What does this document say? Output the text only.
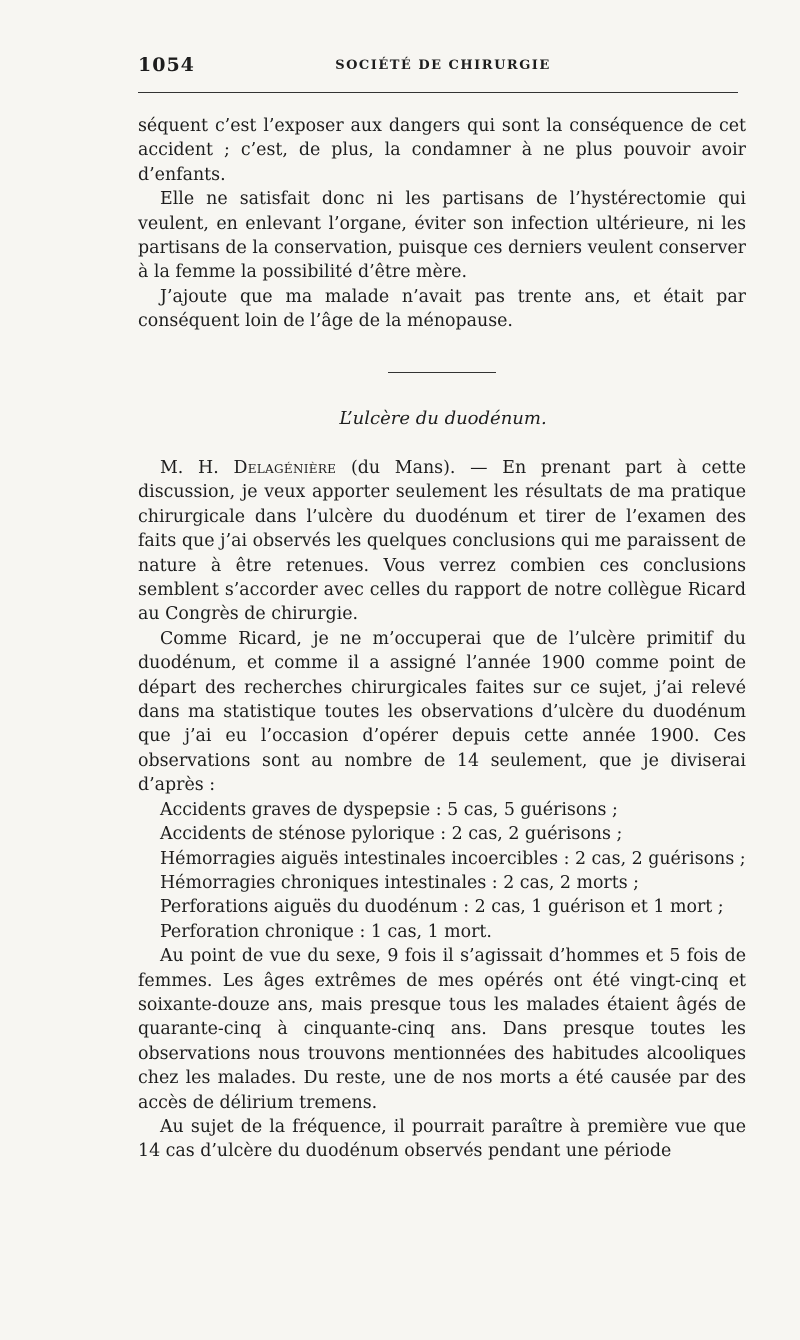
1054	SOCIÉTÉ DE CHIRURGIE

séquent c’est l’exposer aux dangers qui sont la conséquence de cet accident ; c’est, de plus, la condamner à ne plus pouvoir avoir d’enfants.

Elle ne satisfait donc ni les partisans de l’hystérectomie qui veulent, en enlevant l’organe, éviter son infection ultérieure, ni les partisans de la conservation, puisque ces derniers veulent conserver à la femme la possibilité d’être mère.

J’ajoute que ma malade n’avait pas trente ans, et était par conséquent loin de l’âge de la ménopause.

L’ulcère du duodénum.

M. H. Delagénière (du Mans). — En prenant part à cette discussion, je veux apporter seulement les résultats de ma pratique chirurgicale dans l’ulcère du duodénum et tirer de l’examen des faits que j’ai observés les quelques conclusions qui me paraissent de nature à être retenues. Vous verrez combien ces conclusions semblent s’accorder avec celles du rapport de notre collègue Ricard au Congrès de chirurgie.

Comme Ricard, je ne m’occuperai que de l’ulcère primitif du duodénum, et comme il a assigné l’année 1900 comme point de départ des recherches chirurgicales faites sur ce sujet, j’ai relevé dans ma statistique toutes les observations d’ulcère du duodénum que j’ai eu l’occasion d’opérer depuis cette année 1900. Ces observations sont au nombre de 14 seulement, que je diviserai d’après :

Accidents graves de dyspepsie : 5 cas, 5 guérisons ;

Accidents de sténose pylorique : 2 cas, 2 guérisons ;

Hémorragies aiguës intestinales incoercibles : 2 cas, 2 guérisons ;

Hémorragies chroniques intestinales : 2 cas, 2 morts ;

Perforations aiguës du duodénum : 2 cas, 1 guérison et 1 mort ;

Perforation chronique : 1 cas, 1 mort.

Au point de vue du sexe, 9 fois il s’agissait d’hommes et 5 fois de femmes. Les âges extrêmes de mes opérés ont été vingt-cinq et soixante-douze ans, mais presque tous les malades étaient âgés de quarante-cinq à cinquante-cinq ans. Dans presque toutes les observations nous trouvons mentionnées des habitudes alcooliques chez les malades. Du reste, une de nos morts a été causée par des accès de délirium tremens.

Au sujet de la fréquence, il pourrait paraître à première vue que 14 cas d’ulcère du duodénum observés pendant une période
